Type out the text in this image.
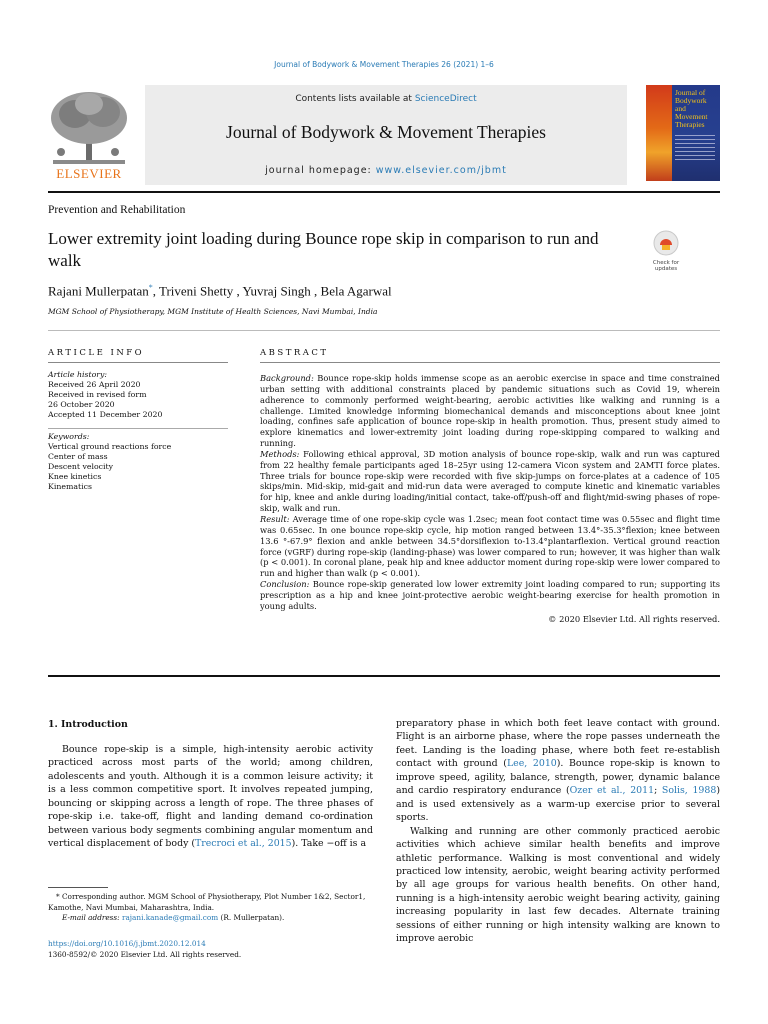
Journal of Bodywork & Movement Therapies 26 (2021) 1–6
ELSEVIER
Contents lists available at ScienceDirect
Journal of Bodywork & Movement Therapies
journal homepage: www.elsevier.com/jbmt
Journal of Bodywork and Movement Therapies
Prevention and Rehabilitation
Lower extremity joint loading during Bounce rope skip in comparison to run and walk	Check for updates
Rajani Mullerpatan*, Triveni Shetty , Yuvraj Singh , Bela Agarwal
MGM School of Physiotherapy, MGM Institute of Health Sciences, Navi Mumbai, India
ARTICLE INFO
Article history:
Received 26 April 2020
Received in revised form
26 October 2020
Accepted 11 December 2020
Keywords:
Vertical ground reactions force
Center of mass
Descent velocity
Knee kinetics
Kinematics
ABSTRACT

Background: Bounce rope-skip holds immense scope as an aerobic exercise in space and time constrained urban setting with additional constraints placed by pandemic situations such as Covid 19, wherein adherence to commonly performed weight-bearing, aerobic activities like walking and running is a challenge. Limited knowledge informing biomechanical demands and misconceptions about knee joint loading, confines safe application of bounce rope-skip in health promotion. Thus, present study aimed to explore kinematics and lower-extremity joint loading during rope-skipping compared to walking and running.

Methods: Following ethical approval, 3D motion analysis of bounce rope-skip, walk and run was captured from 22 healthy female participants aged 18–25yr using 12-camera Vicon system and 2AMTI force plates. Three trials for bounce rope-skip were recorded with five skip-jumps on force-plates at a cadence of 105 skips/min. Mid-skip, mid-gait and mid-run data were averaged to compute kinetic and kinematic variables for hip, knee and ankle during loading/initial contact, take-off/push-off and flight/mid-swing phases of rope-skip, walk and run.

Result: Average time of one rope-skip cycle was 1.2sec; mean foot contact time was 0.55sec and flight time was 0.65sec. In one bounce rope-skip cycle, hip motion ranged between 13.4°-35.3°flexion; knee between 13.6 °-67.9° flexion and ankle between 34.5°dorsiflexion to-13.4°plantarflexion. Vertical ground reaction force (vGRF) during rope-skip (landing-phase) was lower compared to run; however, it was higher than walk (p < 0.001). In coronal plane, peak hip and knee adductor moment during rope-skip were lower compared to run and higher than walk (p < 0.001).

Conclusion: Bounce rope-skip generated low lower extremity joint loading compared to run; supporting its prescription as a hip and knee joint-protective aerobic weight-bearing exercise for health promotion in young adults.

© 2020 Elsevier Ltd. All rights reserved.

1. Introduction

Bounce rope-skip is a simple, high-intensity aerobic activity practiced across most parts of the world; among children, adolescents and youth. Although it is a common leisure activity; it is a less common competitive sport. It involves repeated jumping, bouncing or skipping across a length of rope. The three phases of rope-skip i.e. take-off, flight and landing demand co-ordination between various body segments combining angular momentum and vertical displacement of body (Trecroci et al., 2015). Take −off is a

preparatory phase in which both feet leave contact with ground. Flight is an airborne phase, where the rope passes underneath the feet. Landing is the loading phase, where both feet re-establish contact with ground (Lee, 2010). Bounce rope-skip is known to improve speed, agility, balance, strength, power, dynamic balance and cardio respiratory endurance (Ozer et al., 2011; Solis, 1988) and is used extensively as a warm-up exercise prior to several sports.

Walking and running are other commonly practiced aerobic activities which achieve similar health benefits and improve athletic performance. Walking is most conventional and widely practiced low intensity, aerobic, weight bearing activity performed by all age groups for various health benefits. On other hand, running is a high-intensity aerobic weight bearing activity, gaining increasing popularity in last few decades. Alternate training sessions of either running or high intensity walking are known to improve aerobic

* Corresponding author. MGM School of Physiotherapy, Plot Number 1&2, Sector1, Kamothe, Navi Mumbai, Maharashtra, India.
E-mail address: rajani.kanade@gmail.com (R. Mullerpatan).
https://doi.org/10.1016/j.jbmt.2020.12.014
1360-8592/© 2020 Elsevier Ltd. All rights reserved.
